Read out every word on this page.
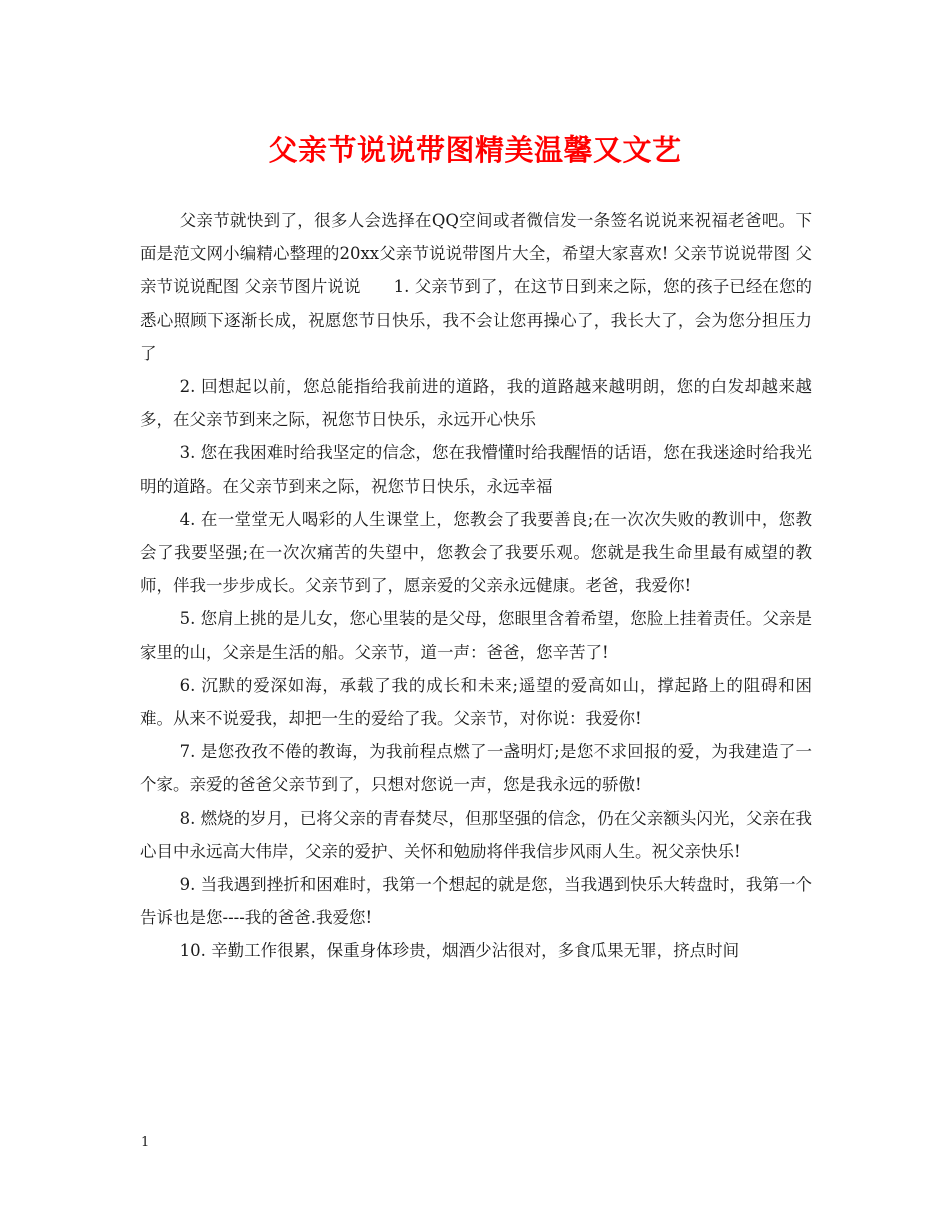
父亲节说说带图精美温馨又文艺

父亲节就快到了，很多人会选择在QQ空间或者微信发一条签名说说来祝福老爸吧。下面是范文网小编精心整理的20xx父亲节说说带图片大全，希望大家喜欢! 父亲节说说带图 父亲节说说配图 父亲节图片说说　　1. 父亲节到了，在这节日到来之际，您的孩子已经在您的悉心照顾下逐渐长成，祝愿您节日快乐，我不会让您再操心了，我长大了，会为您分担压力了

2. 回想起以前，您总能指给我前进的道路，我的道路越来越明朗，您的白发却越来越多，在父亲节到来之际，祝您节日快乐，永远开心快乐

3. 您在我困难时给我坚定的信念，您在我懵懂时给我醒悟的话语，您在我迷途时给我光明的道路。在父亲节到来之际，祝您节日快乐，永远幸福

4. 在一堂堂无人喝彩的人生课堂上，您教会了我要善良;在一次次失败的教训中，您教会了我要坚强;在一次次痛苦的失望中，您教会了我要乐观。您就是我生命里最有威望的教师，伴我一步步成长。父亲节到了，愿亲爱的父亲永远健康。老爸，我爱你!

5. 您肩上挑的是儿女，您心里装的是父母，您眼里含着希望，您脸上挂着责任。父亲是家里的山，父亲是生活的船。父亲节，道一声：爸爸，您辛苦了!

6. 沉默的爱深如海，承载了我的成长和未来;遥望的爱高如山，撑起路上的阻碍和困难。从来不说爱我，却把一生的爱给了我。父亲节，对你说：我爱你!

7. 是您孜孜不倦的教诲，为我前程点燃了一盏明灯;是您不求回报的爱，为我建造了一个家。亲爱的爸爸父亲节到了，只想对您说一声，您是我永远的骄傲!

8. 燃烧的岁月，已将父亲的青春焚尽，但那坚强的信念，仍在父亲额头闪光，父亲在我心目中永远高大伟岸，父亲的爱护、关怀和勉励将伴我信步风雨人生。祝父亲快乐!

9. 当我遇到挫折和困难时，我第一个想起的就是您，当我遇到快乐大转盘时，我第一个告诉也是您----我的爸爸.我爱您!

10. 辛勤工作很累，保重身体珍贵，烟酒少沾很对，多食瓜果无罪，挤点时间

1
